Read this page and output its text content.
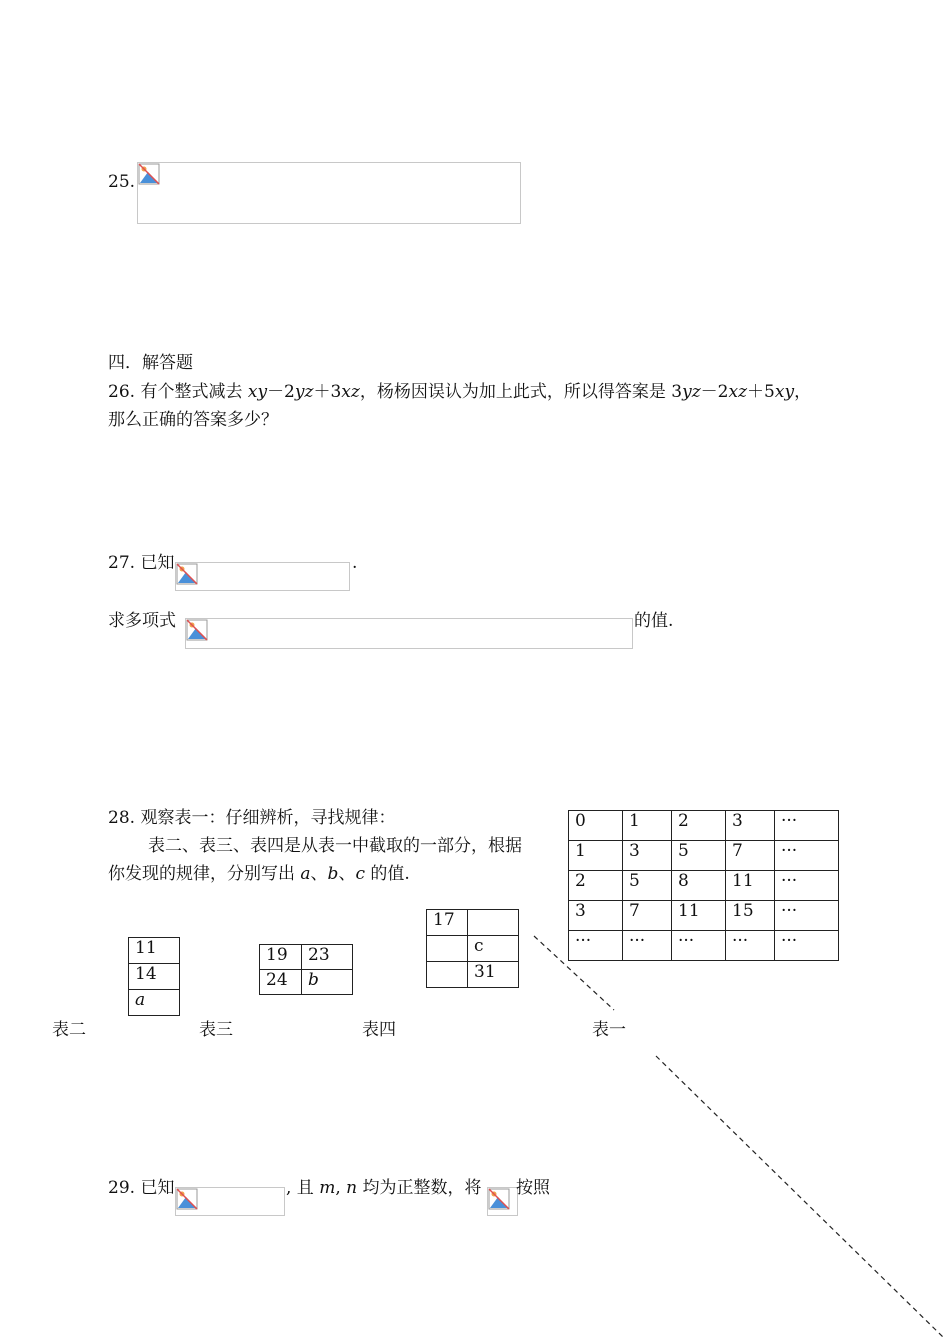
25.
四．解答题
26. 有个整式减去 xy－2yz＋3xz，杨杨因误认为加上此式，所以得答案是 3yz－2xz＋5xy，
那么正确的答案多少？
27. 已知	.
求多项式	的值.
28. 观察表一：仔细辨析，寻找规律：
表二、表三、表四是从表一中截取的一部分，根据
你发现的规律，分别写出 a、b、c 的值.
0	1	2	3	···
1	3	5	7	···
2	5	8	11	···
3	7	11	15	···
···	···	···	···	···
11
14
a
19	23
24	b
17	
	c
	31
表二	表三	表四	表一
29. 已知	, 且 m, n 均为正整数，将 按照
